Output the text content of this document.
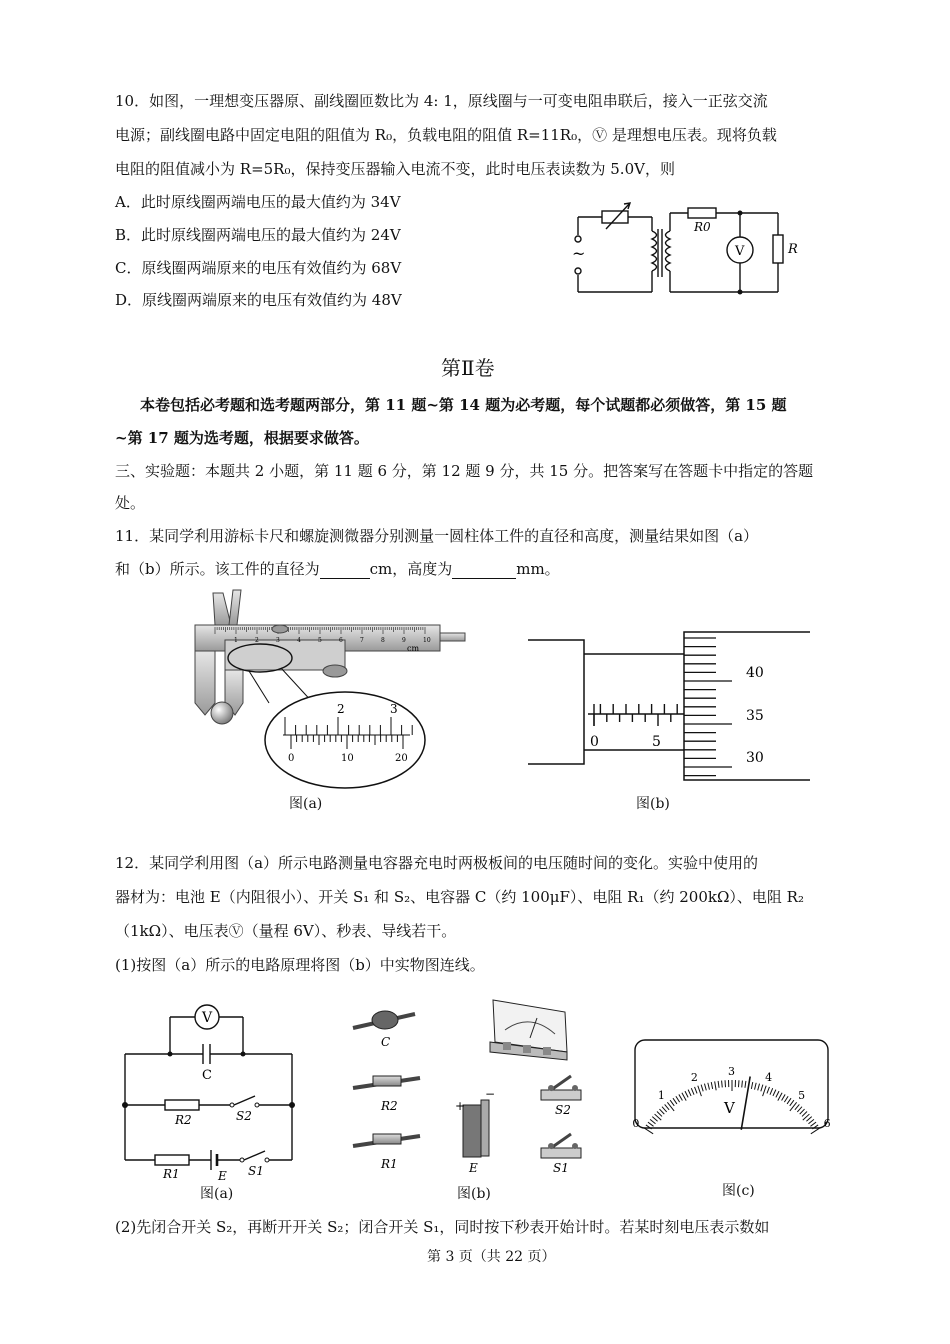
10．如图，一理想变压器原、副线圈匝数比为 4: 1，原线圈与一可变电阻串联后，接入一正弦交流
电源；副线圈电路中固定电阻的阻值为 R₀，负载电阻的阻值 R=11R₀，Ⓥ 是理想电压表。现将负载
电阻的阻值减小为 R=5R₀，保持变压器输入电流不变，此时电压表读数为 5.0V，则
A．此时原线圈两端电压的最大值约为 34V
B．此时原线圈两端电压的最大值约为 24V
C．原线圈两端原来的电压有效值约为 68V
D．原线圈两端原来的电压有效值约为 48V
~
R0
V	R
第Ⅱ卷
本卷包括必考题和选考题两部分，第 11 题~第 14 题为必考题，每个试题都必须做答，第 15 题
~第 17 题为选考题，根据要求做答。
三、实验题：本题共 2 小题，第 11 题 6 分，第 12 题 9 分，共 15 分。把答案写在答题卡中指定的答题
处。
11．某同学利用游标卡尺和螺旋测微器分别测量一圆柱体工件的直径和高度，测量结果如图（a）
和（b）所示。该工件的直径为	cm，高度为	mm。
2	3
0	10	20
1	2	3	4	5	6	7	8	9	10
cm
图(a)
0	5
40
35
30
图(b)
12．某同学利用图（a）所示电路测量电容器充电时两极板间的电压随时间的变化。实验中使用的
器材为：电池 E（内阻很小）、开关 S₁ 和 S₂、电容器 C（约 100μF）、电阻 R₁（约 200kΩ）、电阻 R₂
（1kΩ）、电压表Ⓥ（量程 6V）、秒表、导线若干。
(1)按图（a）所示的电路原理将图（b）中实物图连线。
V
C
R2	S2
R1	E S1
图(a)
C
R2
R1
+
−
E
S2
S1
图(b)
0
1
2	3	4
5
6
V
图(c)
(2)先闭合开关 S₂，再断开开关 S₂；闭合开关 S₁，同时按下秒表开始计时。若某时刻电压表示数如
第 3 页（共 22 页）
